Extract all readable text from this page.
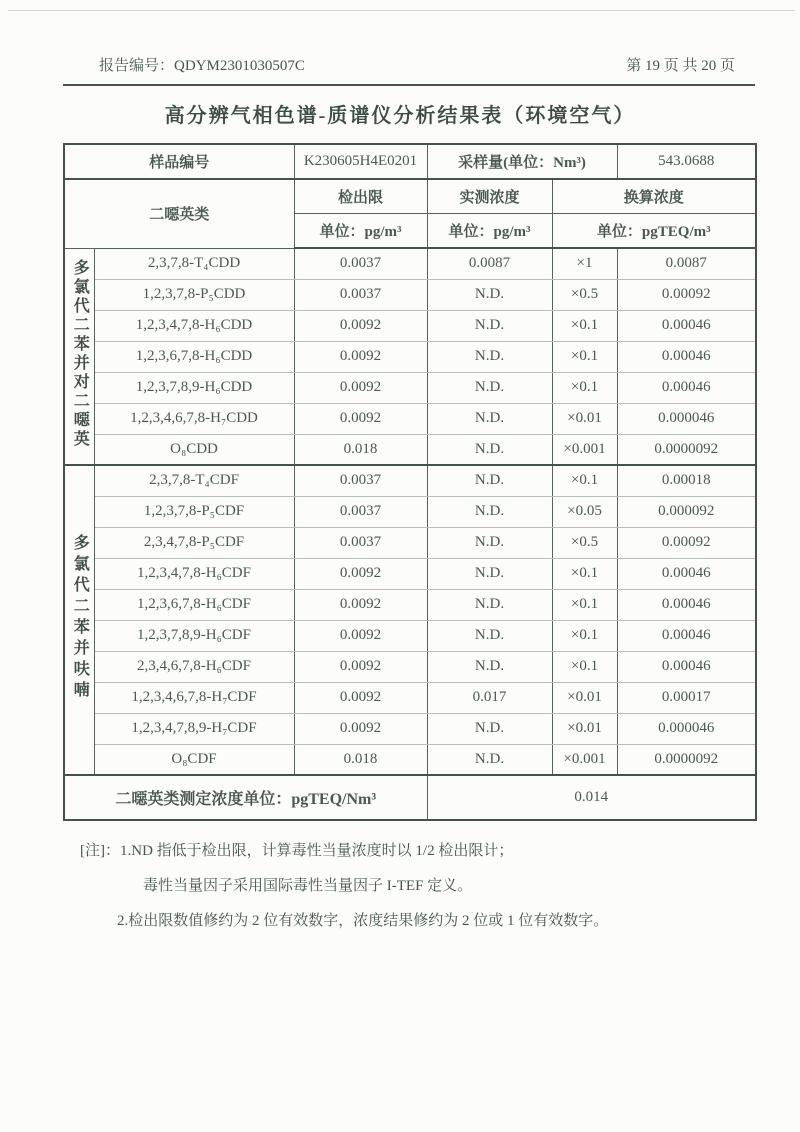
报告编号：QDYM2301030507C	第 19 页 共 20 页
高分辨气相色谱-质谱仪分析结果表（环境空气）
样品编号		K230605H4E0201	采样量(单位：Nm³)		543.0688
二噁英类		检出限	实测浓度	换算浓度	
		单位：pg/m³	单位：pg/m³	单位：pgTEQ/m³	
多氯代二苯并对二噁英	2,3,7,8-T₄CDD	0.0037	0.0087	×1	0.0087
	1,2,3,7,8-P₅CDD	0.0037	N.D.	×0.5	0.00092
	1,2,3,4,7,8-H₆CDD	0.0092	N.D.	×0.1	0.00046
	1,2,3,6,7,8-H₆CDD	0.0092	N.D.	×0.1	0.00046
	1,2,3,7,8,9-H₆CDD	0.0092	N.D.	×0.1	0.00046
	1,2,3,4,6,7,8-H₇CDD	0.0092	N.D.	×0.01	0.000046
	O₈CDD	0.018	N.D.	×0.001	0.0000092
多氯代二苯并呋喃	2,3,7,8-T₄CDF	0.0037	N.D.	×0.1	0.00018
	1,2,3,7,8-P₅CDF	0.0037	N.D.	×0.05	0.000092
	2,3,4,7,8-P₅CDF	0.0037	N.D.	×0.5	0.00092
	1,2,3,4,7,8-H₆CDF	0.0092	N.D.	×0.1	0.00046
	1,2,3,6,7,8-H₆CDF	0.0092	N.D.	×0.1	0.00046
	1,2,3,7,8,9-H₆CDF	0.0092	N.D.	×0.1	0.00046
	2,3,4,6,7,8-H₆CDF	0.0092	N.D.	×0.1	0.00046
	1,2,3,4,6,7,8-H₇CDF	0.0092	0.017	×0.01	0.00017
	1,2,3,4,7,8,9-H₇CDF	0.0092	N.D.	×0.01	0.000046
	O₈CDF	0.018	N.D.	×0.001	0.0000092
二噁英类测定浓度单位：pgTEQ/Nm³			0.014		
[注]：1.ND 指低于检出限，计算毒性当量浓度时以 1/2 检出限计；
毒性当量因子采用国际毒性当量因子 I-TEF 定义。
2.检出限数值修约为 2 位有效数字，浓度结果修约为 2 位或 1 位有效数字。
